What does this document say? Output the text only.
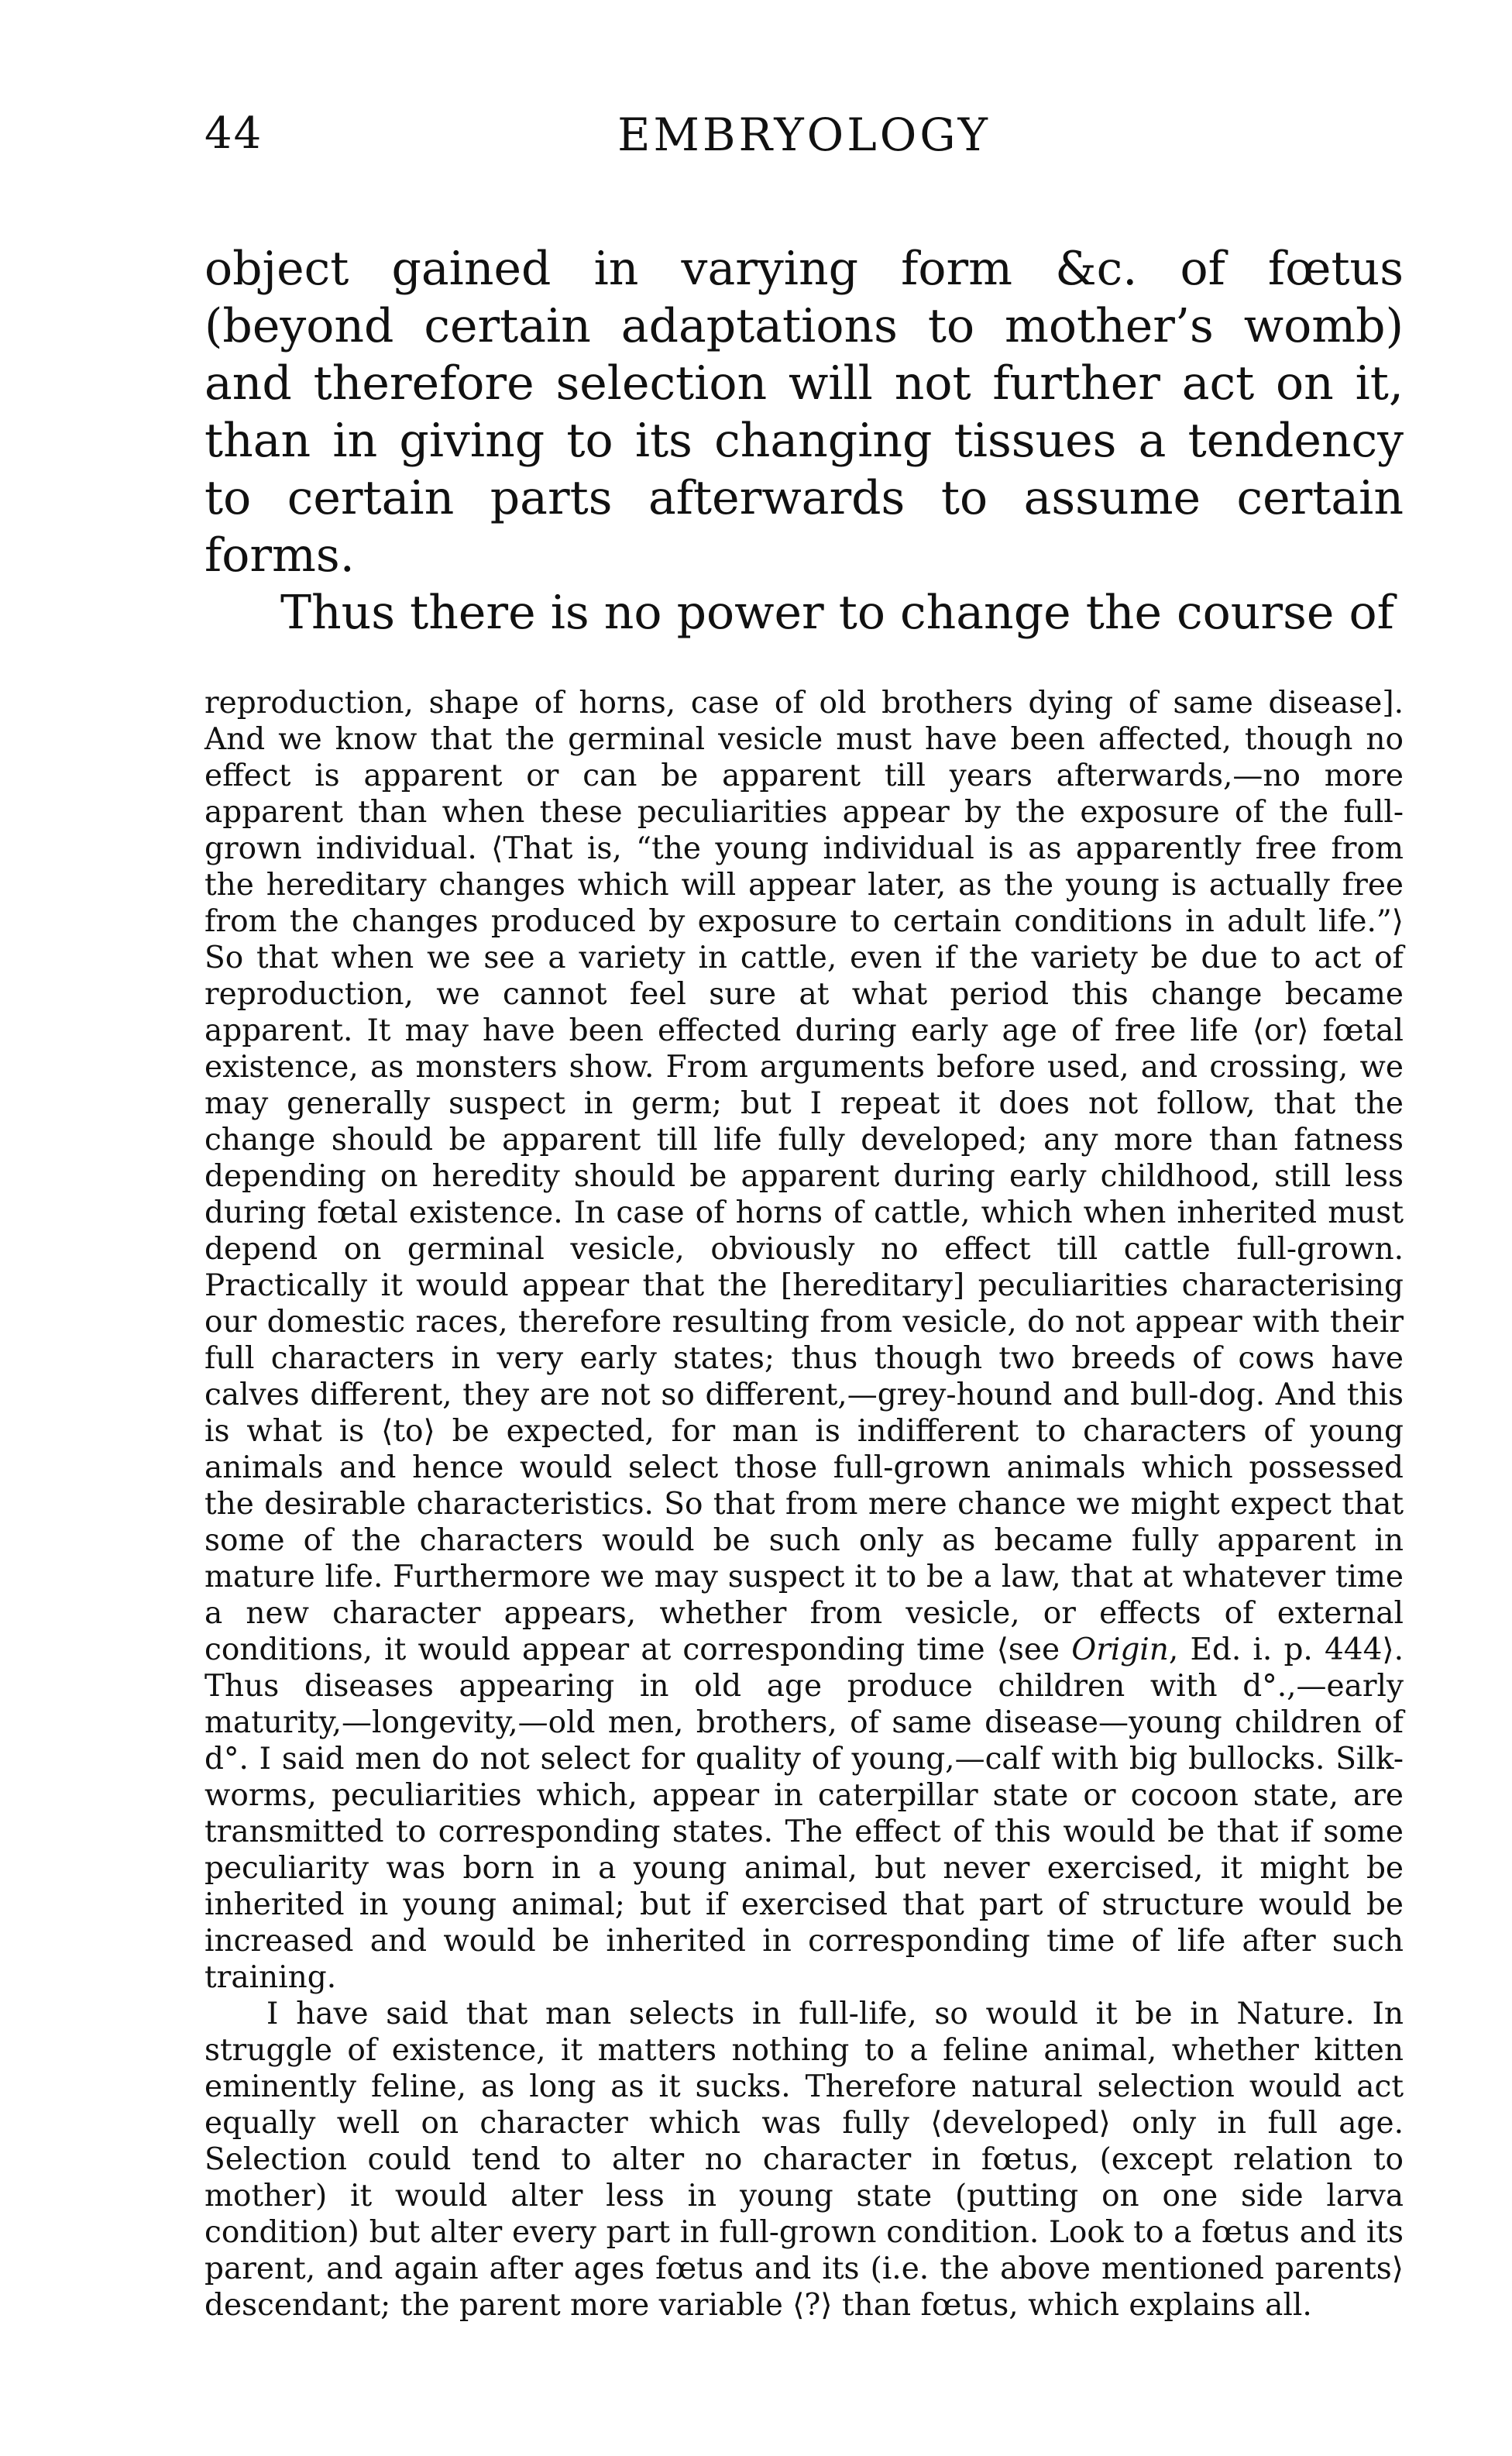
44	EMBRYOLOGY

object gained in varying form &c. of fœtus (beyond certain adaptations to mother’s womb) and therefore selection will not further act on it, than in giving to its changing tissues a tendency to certain parts afterwards to assume certain forms.

Thus there is no power to change the course of

reproduction, shape of horns, case of old brothers dying of same disease]. And we know that the germinal vesicle must have been affected, though no effect is apparent or can be apparent till years afterwards,—no more apparent than when these peculiarities appear by the exposure of the full-grown individual. ⟨That is, “the young individual is as apparently free from the hereditary changes which will appear later, as the young is actually free from the changes produced by exposure to certain conditions in adult life.”⟩ So that when we see a variety in cattle, even if the variety be due to act of reproduction, we cannot feel sure at what period this change became apparent. It may have been effected during early age of free life ⟨or⟩ fœtal existence, as monsters show. From arguments before used, and crossing, we may generally suspect in germ; but I repeat it does not follow, that the change should be apparent till life fully developed; any more than fatness depending on heredity should be apparent during early childhood, still less during fœtal existence. In case of horns of cattle, which when inherited must depend on germinal vesicle, obviously no effect till cattle full-grown. Practically it would appear that the [hereditary] peculiarities characterising our domestic races, therefore resulting from vesicle, do not appear with their full characters in very early states; thus though two breeds of cows have calves different, they are not so different,—grey-hound and bull-dog. And this is what is ⟨to⟩ be expected, for man is indifferent to characters of young animals and hence would select those full-grown animals which possessed the desirable characteristics. So that from mere chance we might expect that some of the characters would be such only as became fully apparent in mature life. Furthermore we may suspect it to be a law, that at whatever time a new character appears, whether from vesicle, or effects of external conditions, it would appear at corresponding time ⟨see Origin, Ed. i. p. 444⟩. Thus diseases appearing in old age produce children with d°.,—early maturity,—longevity,—old men, brothers, of same disease—young children of d°. I said men do not select for quality of young,—calf with big bullocks. Silk-worms, peculiarities which, appear in caterpillar state or cocoon state, are transmitted to corresponding states. The effect of this would be that if some peculiarity was born in a young animal, but never exercised, it might be inherited in young animal; but if exercised that part of structure would be increased and would be inherited in corresponding time of life after such training.

I have said that man selects in full-life, so would it be in Nature. In struggle of existence, it matters nothing to a feline animal, whether kitten eminently feline, as long as it sucks. Therefore natural selection would act equally well on character which was fully ⟨developed⟩ only in full age. Selection could tend to alter no character in fœtus, (except relation to mother) it would alter less in young state (putting on one side larva condition) but alter every part in full-grown condition. Look to a fœtus and its parent, and again after ages fœtus and its (i.e. the above mentioned parents⟩ descendant; the parent more variable ⟨?⟩ than fœtus, which explains all.
